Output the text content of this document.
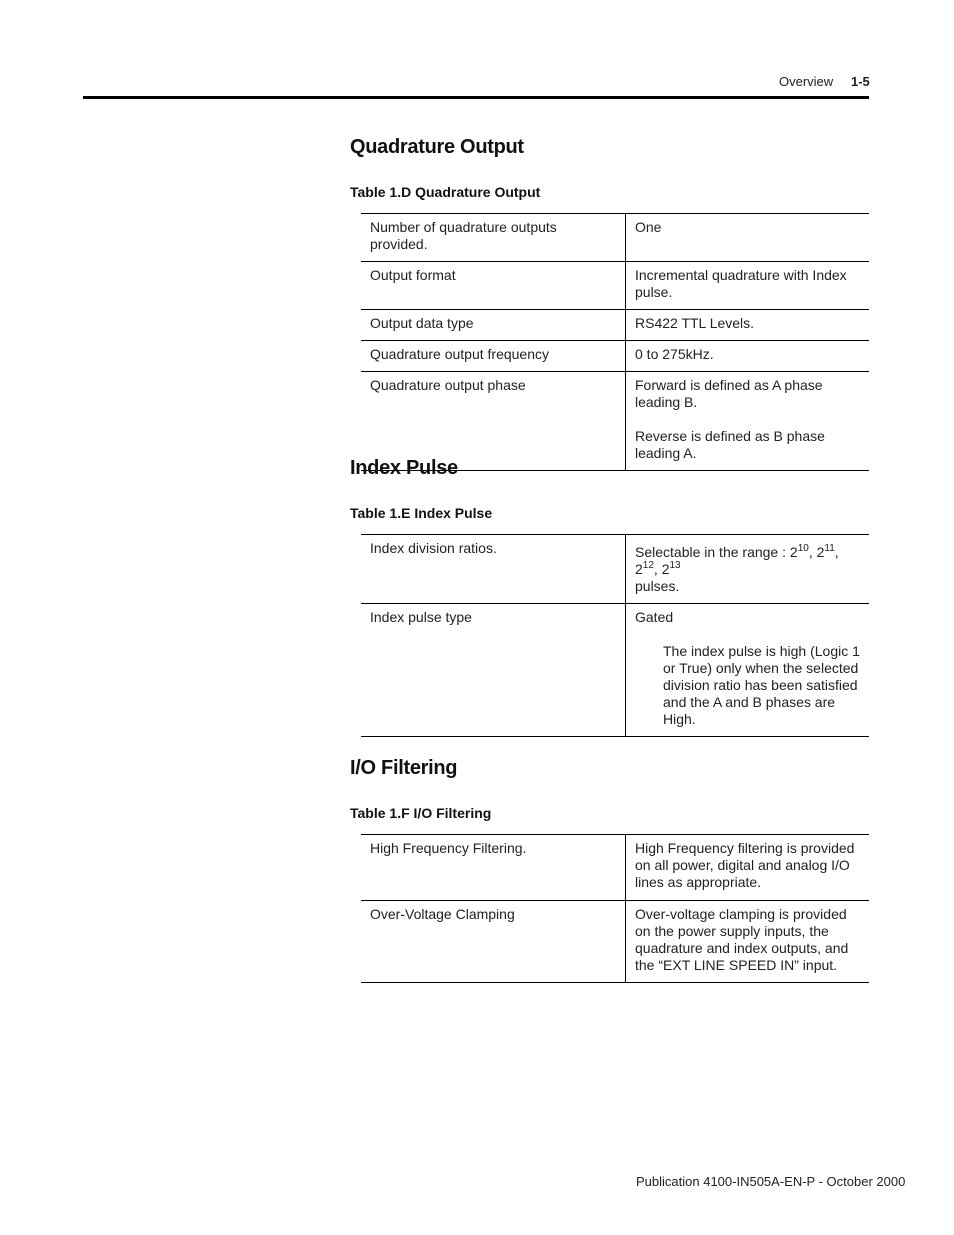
Overview 1-5
Quadrature Output

Table 1.D Quadrature Output

Number of quadrature outputs provided.	One
Output format	Incremental quadrature with Index pulse.
Output data type	RS422 TTL Levels.
Quadrature output frequency	0 to 275kHz.
Quadrature output phase	Forward is defined as A phase leading B.

Reverse is defined as B phase leading A.

Index Pulse

Table 1.E Index Pulse

Index division ratios.	Selectable in the range : $2^{10}$, $2^{11}$, $2^{12}$, $2^{13}$

pulses.

Index pulse type	Gated

The index pulse is high (Logic 1 or True) only when the selected division ratio has been satisfied and the A and B phases are High.

I/O Filtering

Table 1.F I/O Filtering

High Frequency Filtering.	High Frequency filtering is provided on all power, digital and analog I/O lines as appropriate.
Over-Voltage Clamping	Over-voltage clamping is provided on the power supply inputs, the quadrature and index outputs, and the “EXT LINE SPEED IN” input.
Publication 4100-IN505A-EN-P - October 2000
